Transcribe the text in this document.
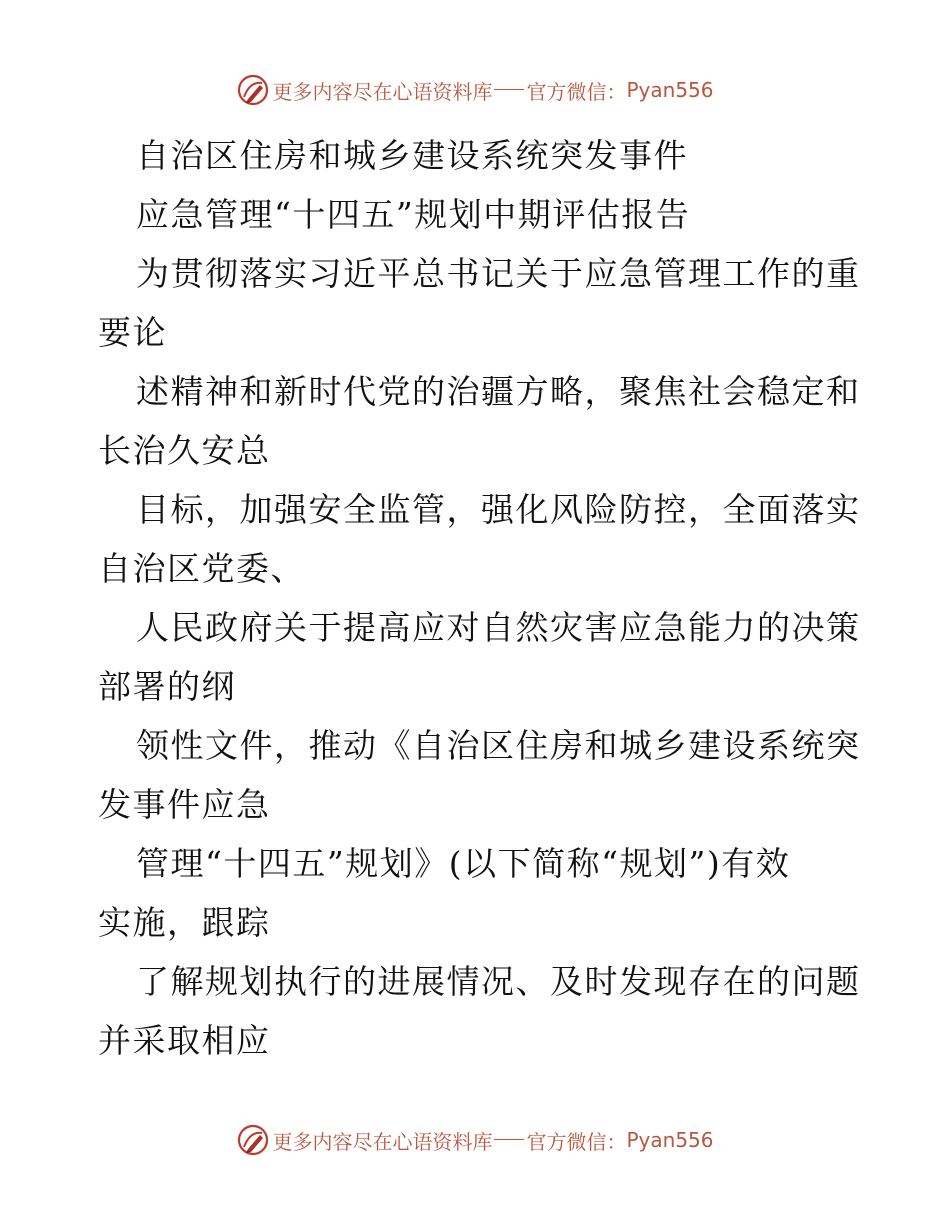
更多内容尽在心语资料库 官方微信： Pyan556
自治区住房和城乡建设系统突发事件
应急管理“十四五”规划中期评估报告
为贯彻落实习近平总书记关于应急管理工作的重
要论
述精神和新时代党的治疆方略，聚焦社会稳定和
长治久安总
目标，加强安全监管，强化风险防控，全面落实
自治区党委、
人民政府关于提高应对自然灾害应急能力的决策
部署的纲
领性文件，推动《自治区住房和城乡建设系统突
发事件应急
管理“十四五”规划》(以下简称“规划”)有效
实施，跟踪
了解规划执行的进展情况、及时发现存在的问题
并采取相应
更多内容尽在心语资料库 官方微信： Pyan556
